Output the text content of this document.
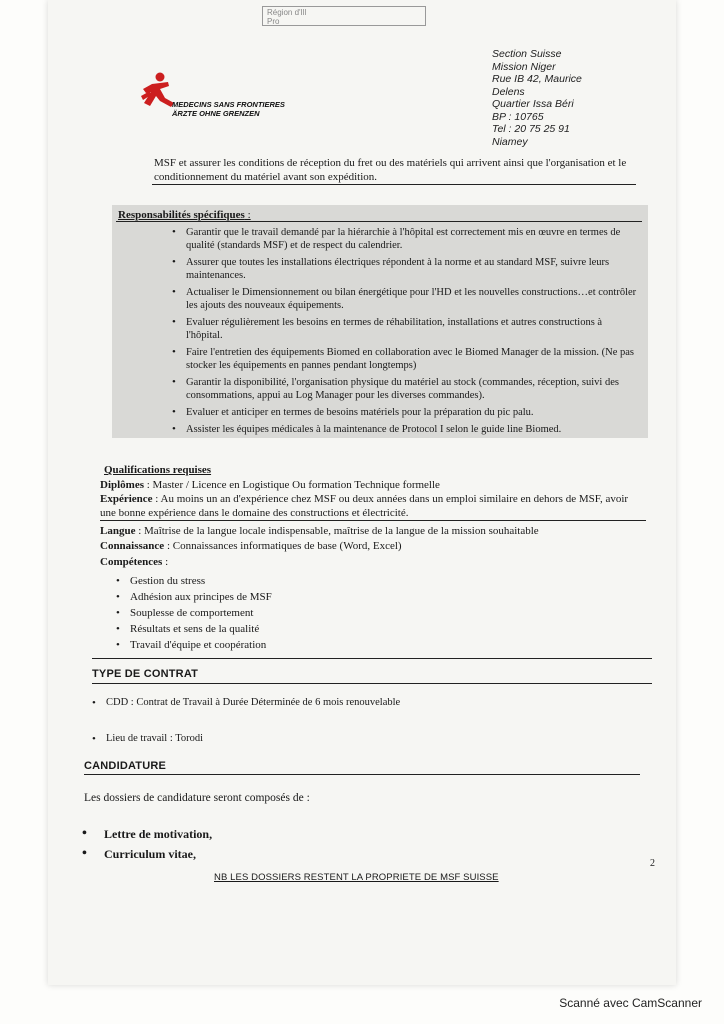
Région d'Ill
Pro
MEDECINS SANS FRONTIERES
ÄRZTE OHNE GRENZEN
Section Suisse
Mission Niger
Rue IB 42, Maurice
Delens
Quartier Issa Béri
BP : 10765
Tel : 20 75 25 91
Niamey
MSF et assurer les conditions de réception du fret ou des matériels qui arrivent ainsi que l'organisation et le conditionnement du matériel avant son expédition.
Responsabilités spécifiques :
• Garantir que le travail demandé par la hiérarchie à l'hôpital est correctement mis en œuvre en termes de qualité (standards MSF) et de respect du calendrier.
• Assurer que toutes les installations électriques répondent à la norme et au standard MSF, suivre leurs maintenances.
• Actualiser le Dimensionnement ou bilan énergétique pour l'HD et les nouvelles constructions…et contrôler les ajouts des nouveaux équipements.
• Evaluer régulièrement les besoins en termes de réhabilitation, installations et autres constructions à l'hôpital.
• Faire l'entretien des équipements Biomed en collaboration avec le Biomed Manager de la mission. (Ne pas stocker les équipements en pannes pendant longtemps)
• Garantir la disponibilité, l'organisation physique du matériel au stock (commandes, réception, suivi des consommations, appui au Log Manager pour les diverses commandes).
• Evaluer et anticiper en termes de besoins matériels pour la préparation du pic palu.
• Assister les équipes médicales à la maintenance de Protocol I selon le guide line Biomed.
Qualifications requises
Diplômes : Master / Licence en Logistique Ou formation Technique formelle
Expérience : Au moins un an d'expérience chez MSF ou deux années dans un emploi similaire en dehors de MSF, avoir une bonne expérience dans le domaine des constructions et électricité.
Langue : Maîtrise de la langue locale indispensable, maîtrise de la langue de la mission souhaitable
Connaissance : Connaissances informatiques de base (Word, Excel)
Compétences :
• Gestion du stress
• Adhésion aux principes de MSF
• Souplesse de comportement
• Résultats et sens de la qualité
• Travail d'équipe et coopération
TYPE DE CONTRAT
• CDD : Contrat de Travail à Durée Déterminée de 6 mois renouvelable
• Lieu de travail : Torodi
CANDIDATURE
Les dossiers de candidature seront composés de :
• Lettre de motivation,
• Curriculum vitae,
2
NB LES DOSSIERS RESTENT LA PROPRIETE DE MSF SUISSE
Scanné avec CamScanner
